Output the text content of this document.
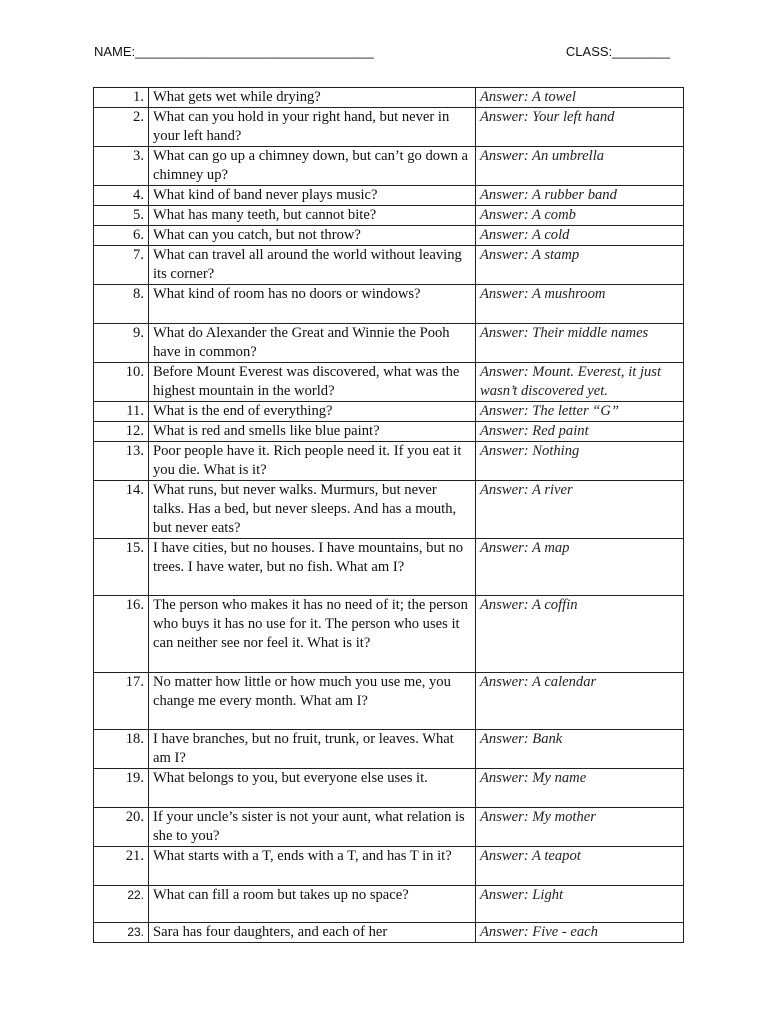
NAME:_________________________________	CLASS:________
1.	What gets wet while drying?	Answer: A towel
2.	What can you hold in your right hand, but never in your left hand?	Answer: Your left hand
3.	What can go up a chimney down, but can’t go down a chimney up?	Answer: An umbrella
4.	What kind of band never plays music?	Answer: A rubber band
5.	What has many teeth, but cannot bite?	Answer: A comb
6.	What can you catch, but not throw?	Answer: A cold
7.	What can travel all around the world without leaving its corner?	Answer: A stamp
8.	What kind of room has no doors or windows?	Answer: A mushroom
9.	What do Alexander the Great and Winnie the Pooh have in common?	Answer: Their middle names
10.	Before Mount Everest was discovered, what was the highest mountain in the world?	Answer: Mount. Everest, it just wasn’t discovered yet.
11.	What is the end of everything?	Answer: The letter “G”
12.	What is red and smells like blue paint?	Answer: Red paint
13.	Poor people have it. Rich people need it. If you eat it you die. What is it?	Answer: Nothing
14.	What runs, but never walks. Murmurs, but never talks. Has a bed, but never sleeps. And has a mouth, but never eats?	Answer: A river
15.	I have cities, but no houses. I have mountains, but no trees. I have water, but no fish. What am I?	Answer: A map
16.	The person who makes it has no need of it; the person who buys it has no use for it. The person who uses it can neither see nor feel it. What is it?	Answer: A coffin
17.	No matter how little or how much you use me, you change me every month. What am I?	Answer: A calendar
18.	I have branches, but no fruit, trunk, or leaves. What am I?	Answer: Bank
19.	What belongs to you, but everyone else uses it.	Answer: My name
20.	If your uncle’s sister is not your aunt, what relation is she to you?	Answer: My mother
21.	What starts with a T, ends with a T, and has T in it?	Answer: A teapot
22.	What can fill a room but takes up no space?	Answer: Light
23.	Sara has four daughters, and each of her	Answer: Five - each
